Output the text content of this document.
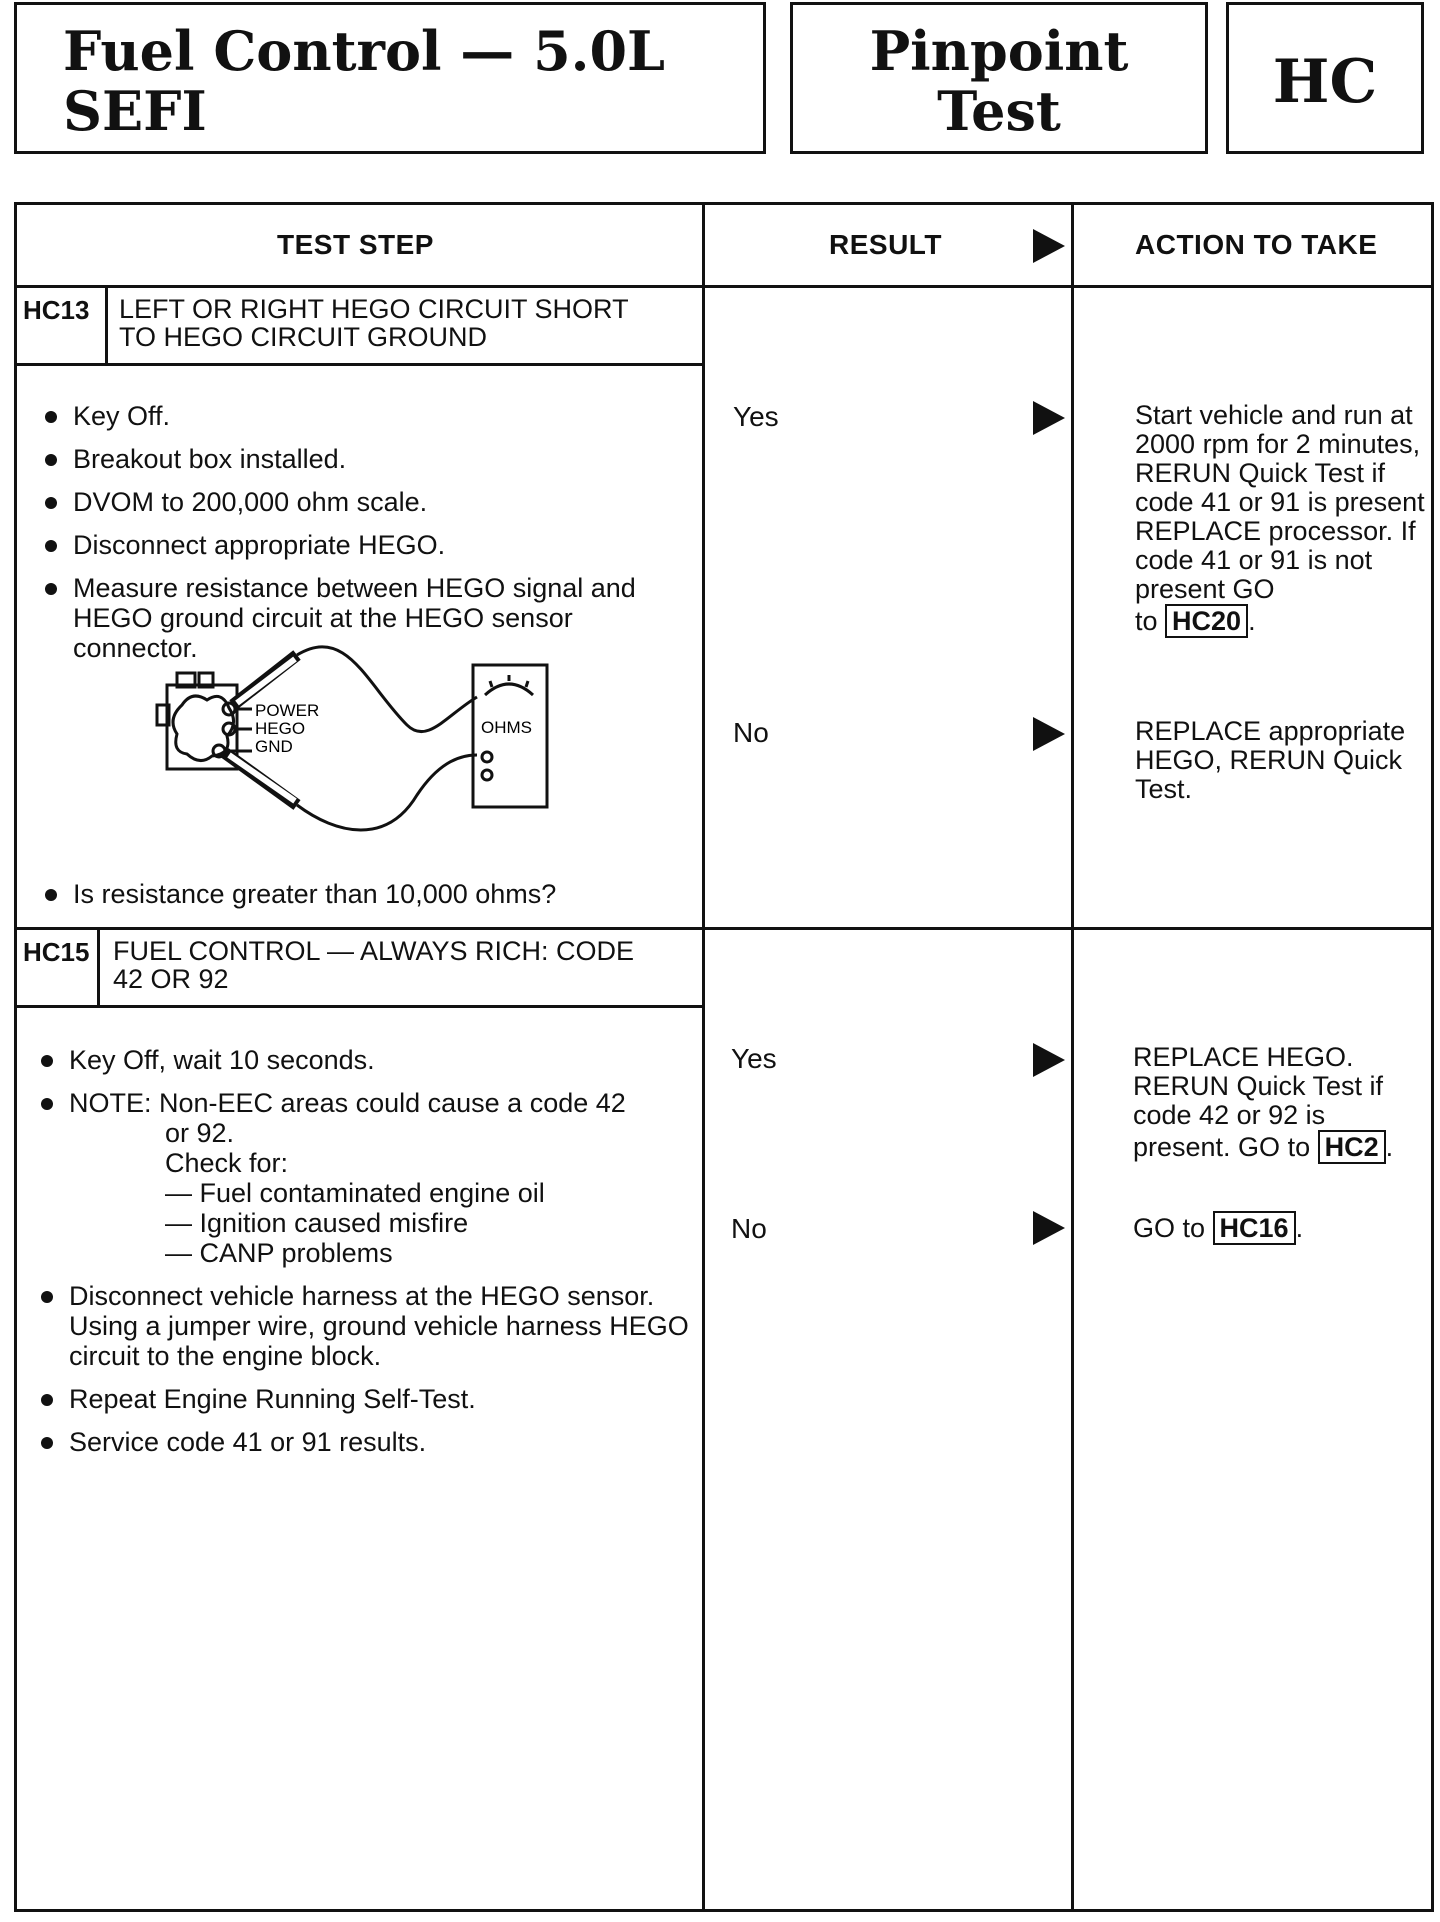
Fuel Control — 5.0L
SEFI
Pinpoint
Test	HC
TEST STEP	RESULT	ACTION TO TAKE
HC13 LEFT OR RIGHT HEGO CIRCUIT SHORT
TO HEGO CIRCUIT GROUND
Key Off.
Breakout box installed.
DVOM to 200,000 ohm scale.
Disconnect appropriate HEGO.
Measure resistance between HEGO signal and HEGO ground circuit at the HEGO sensor connector.
POWER
HEGO
GND
OHMS
Is resistance greater than 10,000 ohms?
Yes	Start vehicle and run at 2000 rpm for 2 minutes, RERUN Quick Test if code 41 or 91 is present REPLACE processor. If code 41 or 91 is not present GO
to HC20 .
No	REPLACE appropriate HEGO, RERUN Quick Test.
HC15 FUEL CONTROL — ALWAYS RICH: CODE
42 OR 92
Key Off, wait 10 seconds.
NOTE: Non-EEC areas could cause a code 42
or 92.
Check for:
— Fuel contaminated engine oil
— Ignition caused misfire
— CANP problems
Disconnect vehicle harness at the HEGO sensor. Using a jumper wire, ground vehicle harness HEGO circuit to the engine block.
Repeat Engine Running Self-Test.
Service code 41 or 91 results.
Yes	REPLACE HEGO. RERUN Quick Test if code 42 or 92 is
present. GO to HC2 .
No	GO to HC16 .
